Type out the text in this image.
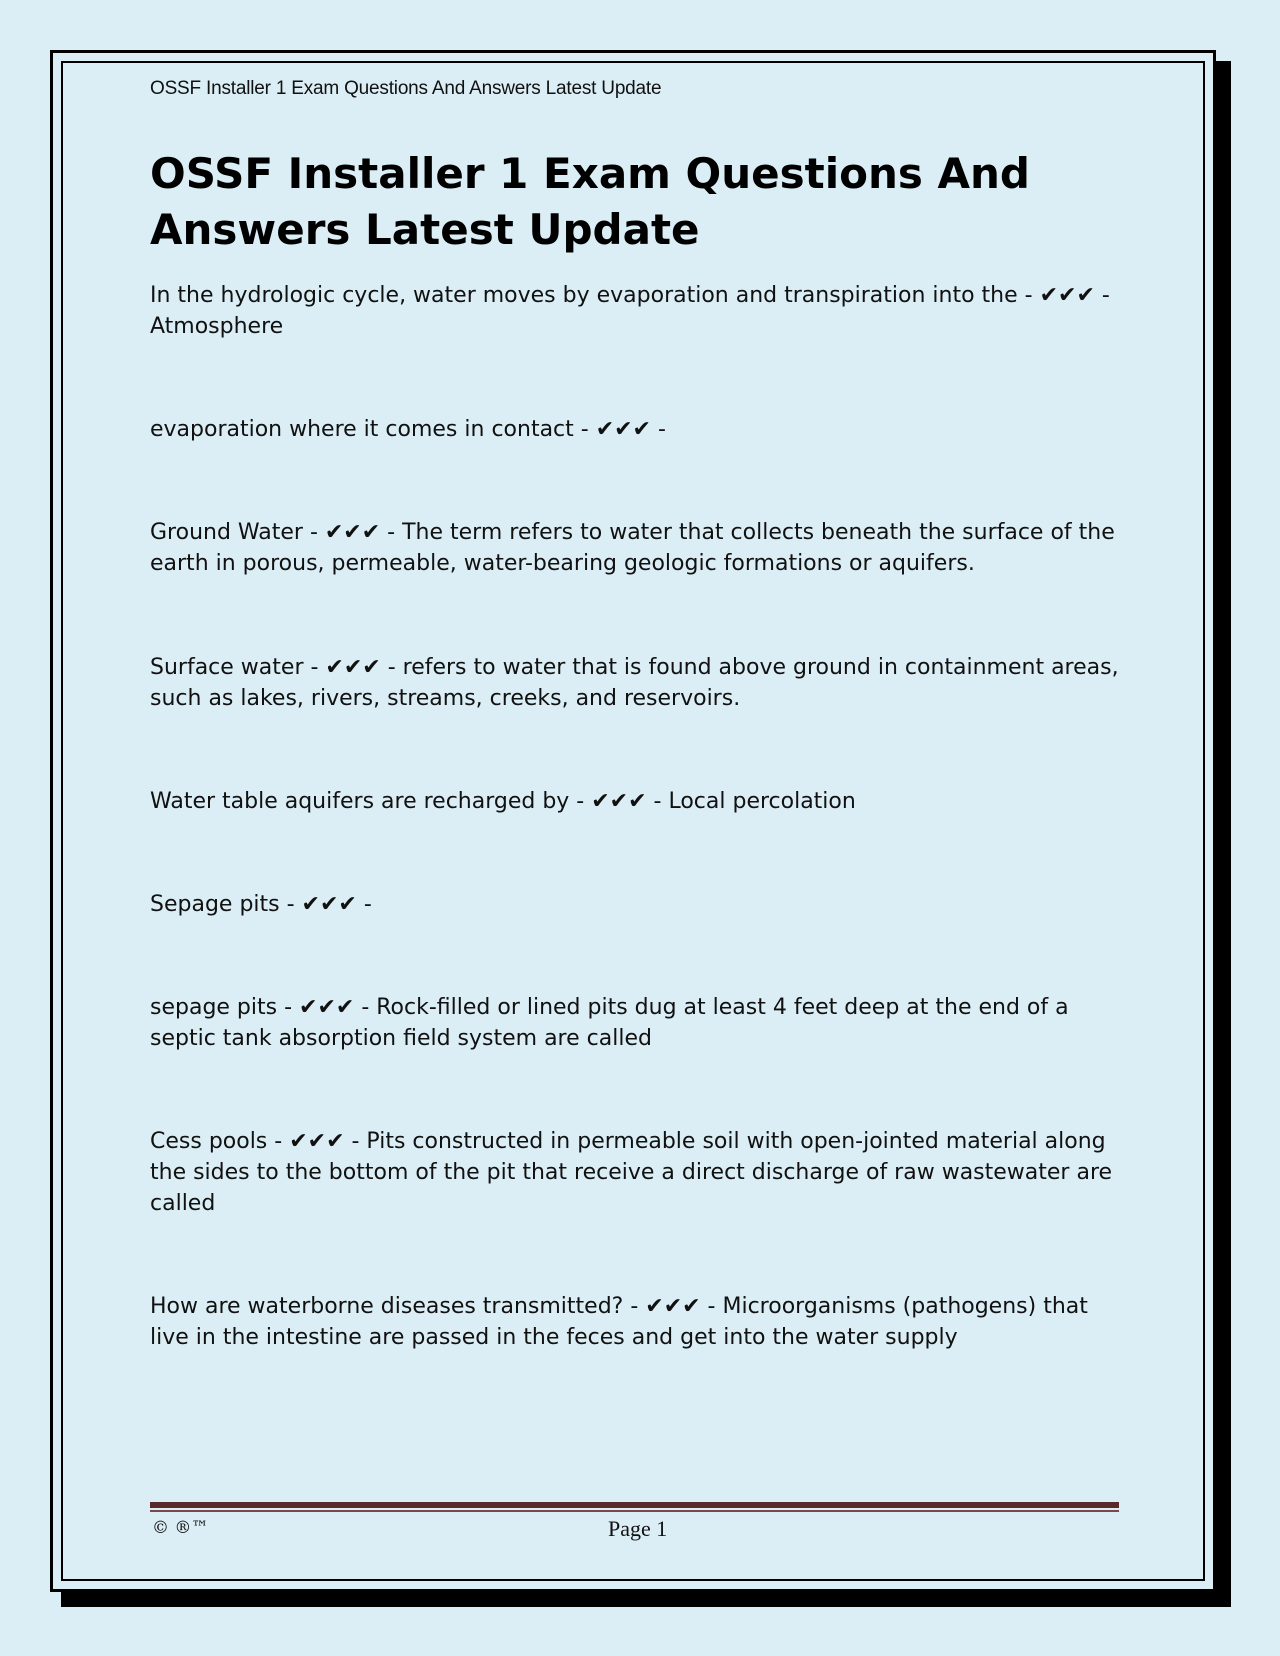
OSSF Installer 1 Exam Questions And Answers Latest Update
OSSF Installer 1 Exam Questions And Answers Latest Update

In the hydrologic cycle, water moves by evaporation and transpiration into the - ✔✔✔ - Atmosphere

evaporation where it comes in contact - ✔✔✔ -

Ground Water - ✔✔✔ - The term refers to water that collects beneath the surface of the earth in porous, permeable, water-bearing geologic formations or aquifers.

Surface water - ✔✔✔ - refers to water that is found above ground in containment areas, such as lakes, rivers, streams, creeks, and reservoirs.

Water table aquifers are recharged by - ✔✔✔ - Local percolation

Sepage pits - ✔✔✔ -

sepage pits - ✔✔✔ - Rock-filled or lined pits dug at least 4 feet deep at the end of a septic tank absorption field system are called

Cess pools - ✔✔✔ - Pits constructed in permeable soil with open-jointed material along the sides to the bottom of the pit that receive a direct discharge of raw wastewater are called

How are waterborne diseases transmitted? - ✔✔✔ - Microorganisms (pathogens) that live in the intestine are passed in the feces and get into the water supply

© ®™	Page 1
